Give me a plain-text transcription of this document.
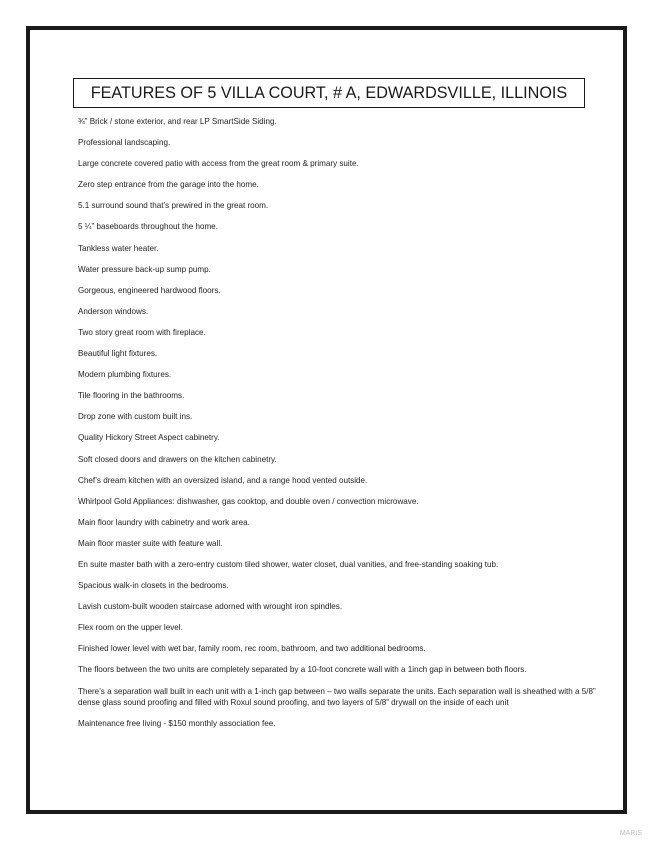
FEATURES OF 5 VILLA COURT, # A, EDWARDSVILLE, ILLINOIS
¾” Brick / stone exterior, and rear LP SmartSide Siding.
Professional landscaping.
Large concrete covered patio with access from the great room & primary suite.
Zero step entrance from the garage into the home.
5.1 surround sound that’s prewired in the great room.
5 ¼” baseboards throughout the home.
Tankless water heater.
Water pressure back-up sump pump.
Gorgeous, engineered hardwood floors.
Anderson windows.
Two story great room with fireplace.
Beautiful light fixtures.
Modern plumbing fixtures.
Tile flooring in the bathrooms.
Drop zone with custom built ins.
Quality Hickory Street Aspect cabinetry.
Soft closed doors and drawers on the kitchen cabinetry.
Chef’s dream kitchen with an oversized island, and a range hood vented outside.
Whirlpool Gold Appliances: dishwasher, gas cooktop, and double oven / convection microwave.
Main floor laundry with cabinetry and work area.
Main floor master suite with feature wall.
En suite master bath with a zero-entry custom tiled shower, water closet, dual vanities, and free-standing soaking tub.
Spacious walk-in closets in the bedrooms.
Lavish custom-built wooden staircase adorned with wrought iron spindles.
Flex room on the upper level.
Finished lower level with wet bar, family room, rec room, bathroom, and two additional bedrooms.
The floors between the two units are completely separated by a 10-foot concrete wall with a 1inch gap in between both floors.
There’s a separation wall built in each unit with a 1-inch gap between – two walls separate the units. Each separation wall is sheathed with a 5/8” dense glass sound proofing and filled with Roxul sound proofing, and two layers of 5/8” drywall on the inside of each unit
Maintenance free living - $150 monthly association fee.
MARIS
